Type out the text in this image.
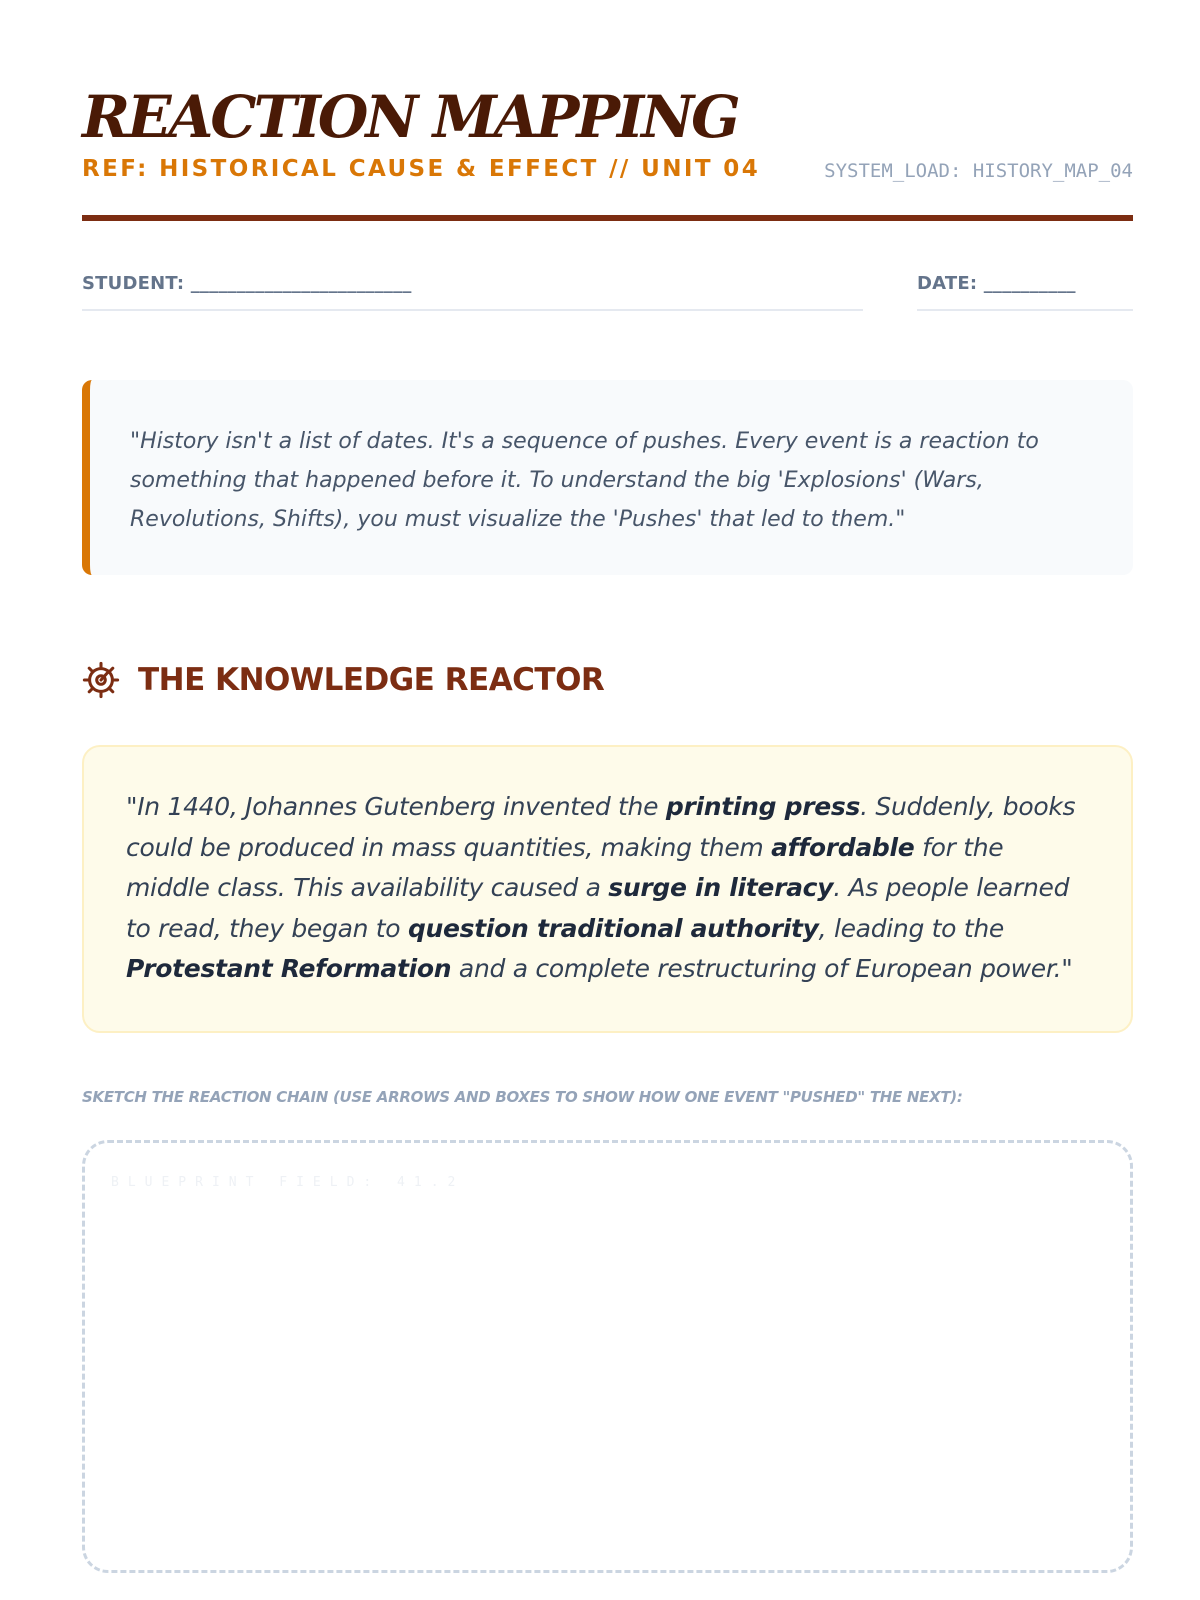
REACTION MAPPING
REF: HISTORICAL CAUSE & EFFECT // UNIT 04	SYSTEM_LOAD: HISTORY_MAP_04
STUDENT: ________________________	DATE: __________

"History isn't a list of dates. It's a sequence of pushes. Every event is a reaction to something that happened before it. To understand the big 'Explosions' (Wars, Revolutions, Shifts), you must visualize the 'Pushes' that led to them."

THE KNOWLEDGE REACTOR

"In 1440, Johannes Gutenberg invented the printing press. Suddenly, books could be produced in mass quantities, making them affordable for the middle class. This availability caused a surge in literacy. As people learned to read, they began to question traditional authority, leading to the Protestant Reformation and a complete restructuring of European power."

SKETCH THE REACTION CHAIN (USE ARROWS AND BOXES TO SHOW HOW ONE EVENT "PUSHED" THE NEXT):
BLUEPRINT FIELD: 41.2
